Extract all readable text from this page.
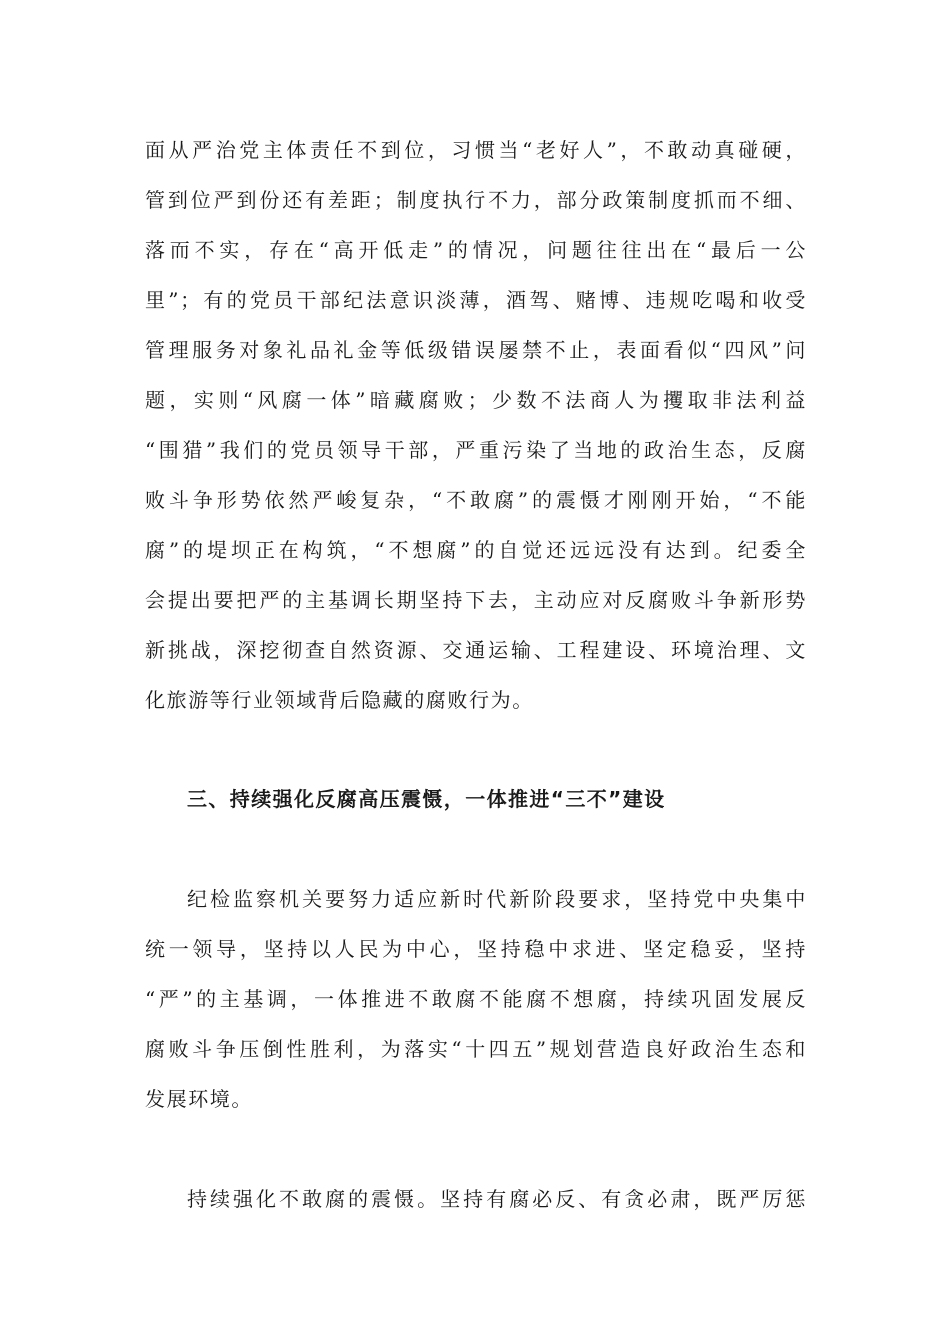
面从严治党主体责任不到位，习惯当“老好人”，不敢动真碰硬，
管到位严到份还有差距；制度执行不力，部分政策制度抓而不细、
落而不实，存在“高开低走”的情况，问题往往出在“最后一公
里”；有的党员干部纪法意识淡薄，酒驾、赌博、违规吃喝和收受
管理服务对象礼品礼金等低级错误屡禁不止，表面看似“四风”问
题，实则“风腐一体”暗藏腐败；少数不法商人为攫取非法利益
“围猎”我们的党员领导干部，严重污染了当地的政治生态，反腐
败斗争形势依然严峻复杂，“不敢腐”的震慑才刚刚开始，“不能
腐”的堤坝正在构筑，“不想腐”的自觉还远远没有达到。纪委全
会提出要把严的主基调长期坚持下去，主动应对反腐败斗争新形势
新挑战，深挖彻查自然资源、交通运输、工程建设、环境治理、文
化旅游等行业领域背后隐藏的腐败行为。
三、持续强化反腐高压震慑，一体推进“三不”建设
纪检监察机关要努力适应新时代新阶段要求，坚持党中央集中
统一领导，坚持以人民为中心，坚持稳中求进、坚定稳妥，坚持
“严”的主基调，一体推进不敢腐不能腐不想腐，持续巩固发展反
腐败斗争压倒性胜利，为落实“十四五”规划营造良好政治生态和
发展环境。
持续强化不敢腐的震慑。坚持有腐必反、有贪必肃，既严厉惩
